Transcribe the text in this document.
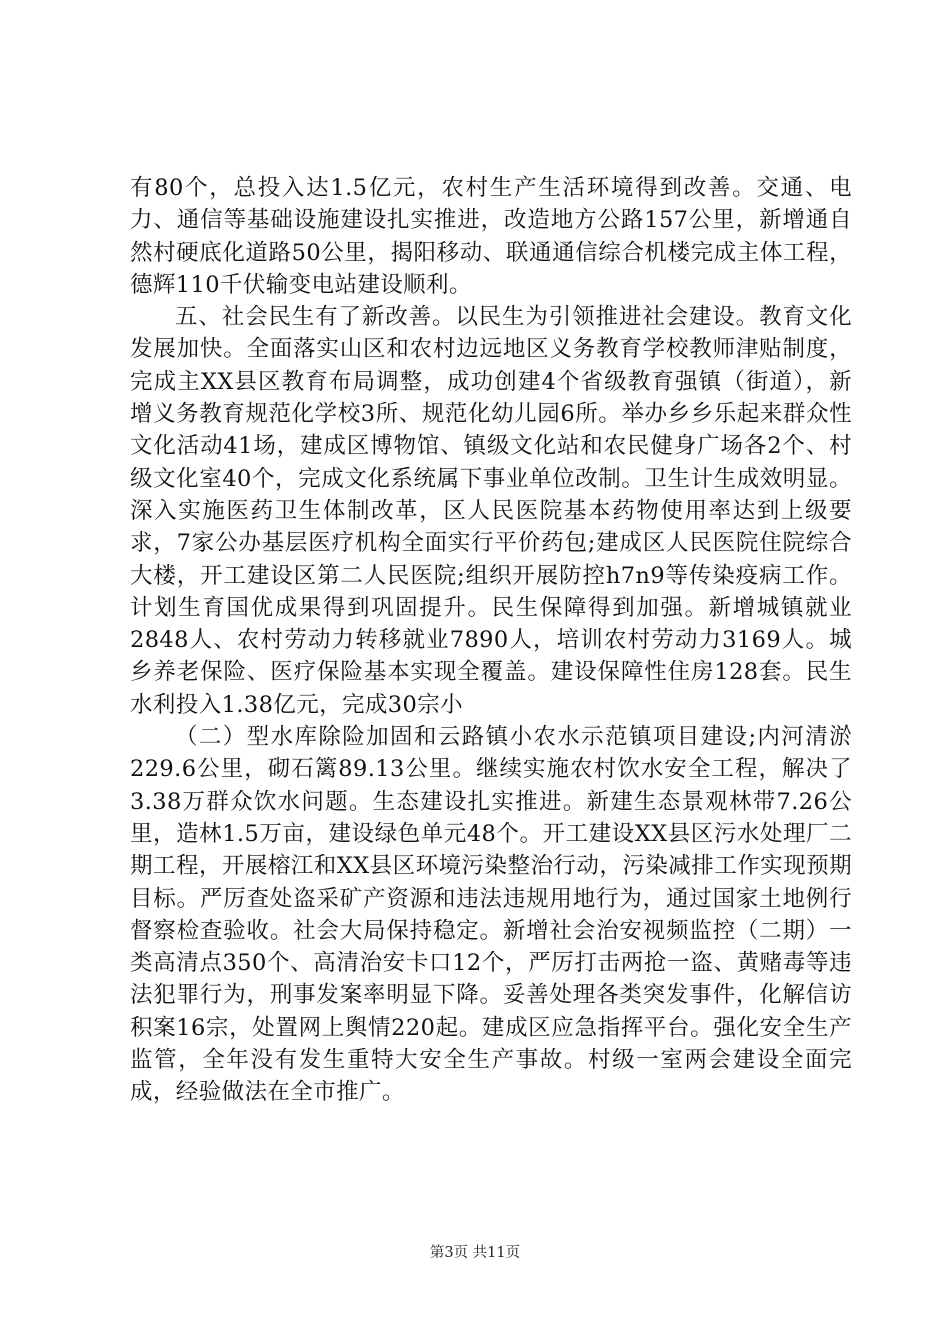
有80个，总投入达1.5亿元，农村生产生活环境得到改善。交通、电力、通信等基础设施建设扎实推进，改造地方公路157公里，新增通自然村硬底化道路50公里，揭阳移动、联通通信综合机楼完成主体工程，德辉110千伏输变电站建设顺利。

五、社会民生有了新改善。以民生为引领推进社会建设。教育文化发展加快。全面落实山区和农村边远地区义务教育学校教师津贴制度，完成主XX县区教育布局调整，成功创建4个省级教育强镇（街道），新增义务教育规范化学校3所、规范化幼儿园6所。举办乡乡乐起来群众性文化活动41场，建成区博物馆、镇级文化站和农民健身广场各2个、村级文化室40个，完成文化系统属下事业单位改制。卫生计生成效明显。深入实施医药卫生体制改革，区人民医院基本药物使用率达到上级要求，7家公办基层医疗机构全面实行平价药包;建成区人民医院住院综合大楼，开工建设区第二人民医院;组织开展防控h7n9等传染疫病工作。计划生育国优成果得到巩固提升。民生保障得到加强。新增城镇就业2848人、农村劳动力转移就业7890人，培训农村劳动力3169人。城乡养老保险、医疗保险基本实现全覆盖。建设保障性住房128套。民生水利投入1.38亿元，完成30宗小

（二）型水库除险加固和云路镇小农水示范镇项目建设;内河清淤229.6公里，砌石篱89.13公里。继续实施农村饮水安全工程，解决了3.38万群众饮水问题。生态建设扎实推进。新建生态景观林带7.26公里，造林1.5万亩，建设绿色单元48个。开工建设XX县区污水处理厂二期工程，开展榕江和XX县区环境污染整治行动，污染减排工作实现预期目标。严厉查处盗采矿产资源和违法违规用地行为，通过国家土地例行督察检查验收。社会大局保持稳定。新增社会治安视频监控（二期）一类高清点350个、高清治安卡口12个，严厉打击两抢一盗、黄赌毒等违法犯罪行为，刑事发案率明显下降。妥善处理各类突发事件，化解信访积案16宗，处置网上舆情220起。建成区应急指挥平台。强化安全生产监管，全年没有发生重特大安全生产事故。村级一室两会建设全面完成，经验做法在全市推广。

第3页 共11页
